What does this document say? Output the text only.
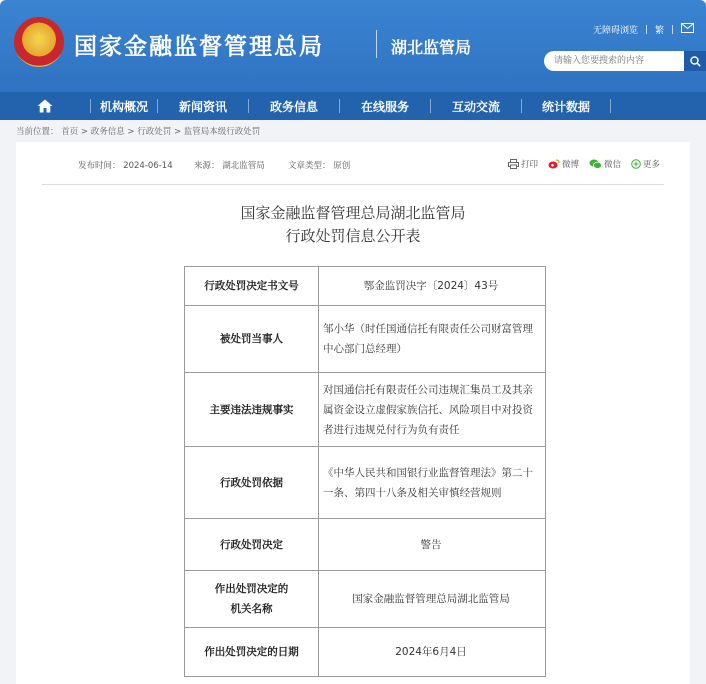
★ 国家金融监督管理总局	湖北监管局
无障碍浏览 繁
请输入您要搜索的内容
机构概况	新闻资讯	政务信息	在线服务	互动交流	统计数据
当前位置： 首页 > 政务信息 > 行政处罚 > 监管局本级行政处罚
发布时间： 2024-06-14	来源： 湖北监管局	文章类型： 原创	打印	微博	微信	更多
国家金融监督管理总局湖北监管局
行政处罚信息公开表
行政处罚决定书文号	鄂金监罚决字〔2024〕43号
被处罚当事人	邹小华（时任国通信托有限责任公司财富管理中心部门总经理）
主要违法违规事实	对国通信托有限责任公司违规汇集员工及其亲属资金设立虚假家族信托、风险项目中对投资者进行违规兑付行为负有责任
行政处罚依据	《中华人民共和国银行业监督管理法》第二十一条、第四十八条及相关审慎经营规则
行政处罚决定	警告

作出处罚决定的
机关名称	国家金融监督管理总局湖北监管局
作出处罚决定的日期	2024年6月4日
